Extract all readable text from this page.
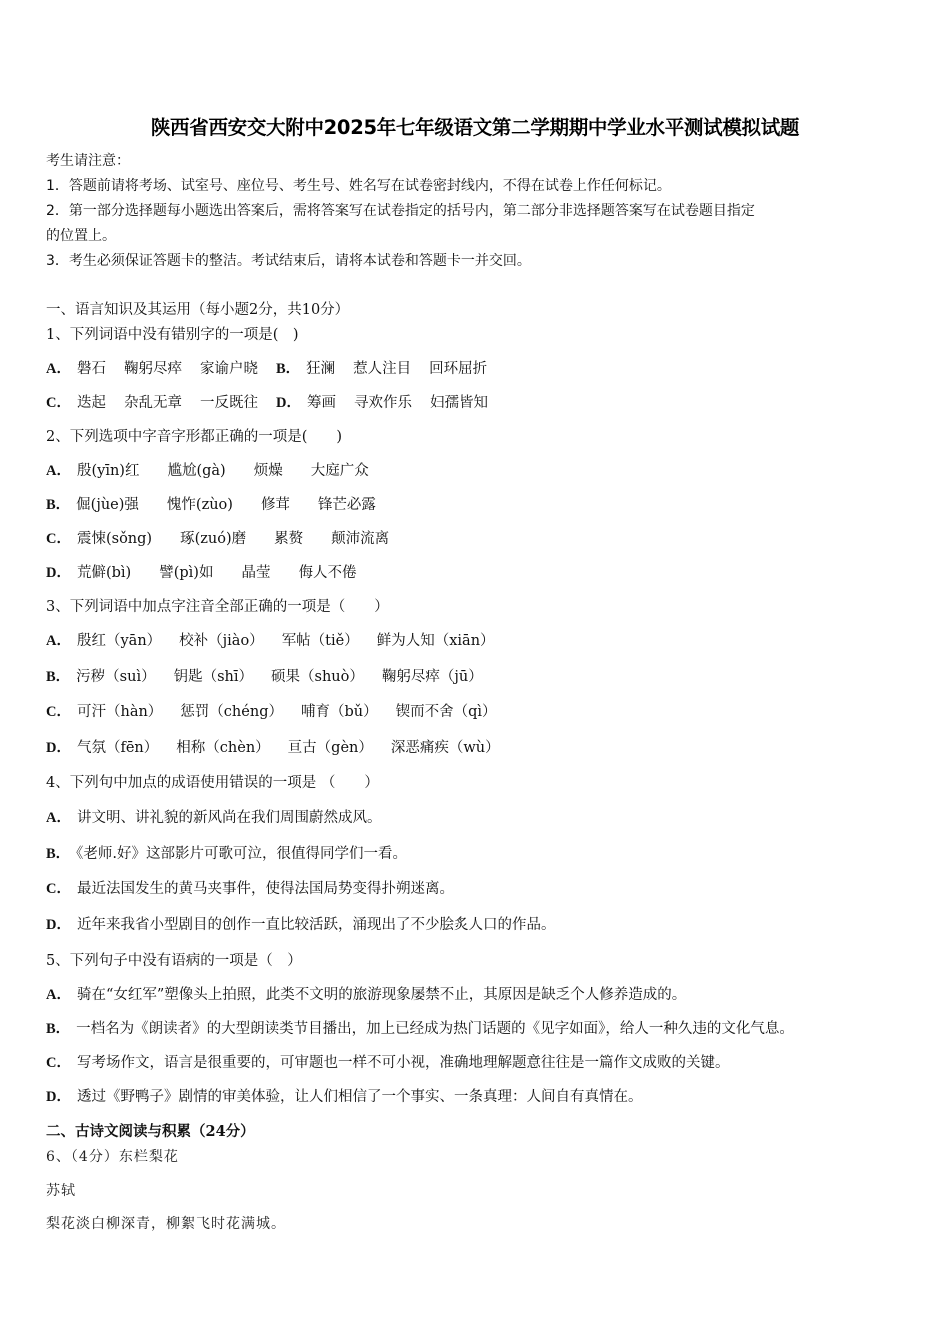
陕西省西安交大附中2025年七年级语文第二学期期中学业水平测试模拟试题
考生请注意：
1．答题前请将考场、试室号、座位号、考生号、姓名写在试卷密封线内，不得在试卷上作任何标记。
2．第一部分选择题每小题选出答案后，需将答案写在试卷指定的括号内，第二部分非选择题答案写在试卷题目指定
的位置上。
3．考生必须保证答题卡的整洁。考试结束后，请将本试卷和答题卡一并交回。
一、语言知识及其运用（每小题2分，共10分）
1、下列词语中没有错别字的一项是(　)
A． 磐石 鞠躬尽瘁 家谕户晓 B． 狂澜 惹人注目 回环屈折
C． 迭起 杂乱无章 一反既往 D． 筹画 寻欢作乐 妇孺皆知
2、下列选项中字音字形都正确的一项是(　　)
A． 殷(yīn)红 尴尬(gà) 烦燥 大庭广众
B． 倔(jùe)强 愧怍(zùo) 修茸 锋芒必露
C． 震悚(sǒng) 琢(zuó)磨 累赘 颠沛流离
D． 荒僻(bì) 譬(pì)如 晶莹 侮人不倦
3、下列词语中加点字注音全部正确的一项是（　　）
A． 殷红（yān） 校补（jiào） 军帖（tiě） 鲜为人知（xiān）
B． 污秽（suì） 钥匙（shī） 硕果（shuò） 鞠躬尽瘁（jū）
C． 可汗（hàn） 惩罚（chéng） 哺育（bǔ） 锲而不舍（qì）
D． 气氛（fēn） 相称（chèn） 亘古（gèn） 深恶痛疾（wù）
4、下列句中加点的成语使用错误的一项是 （　　）
A． 讲文明、讲礼貌的新风尚在我们周围蔚然成风。
B． 《老师.好》这部影片可歌可泣，很值得同学们一看。
C． 最近法国发生的黄马夹事件，使得法国局势变得扑朔迷离。
D． 近年来我省小型剧目的创作一直比较活跃，涌现出了不少脍炙人口的作品。
5、下列句子中没有语病的一项是（　）
A． 骑在“女红军”塑像头上拍照，此类不文明的旅游现象屡禁不止，其原因是缺乏个人修养造成的。
B． 一档名为《朗读者》的大型朗读类节目播出，加上已经成为热门话题的《见字如面》，给人一种久违的文化气息。
C． 写考场作文，语言是很重要的，可审题也一样不可小视，准确地理解题意往往是一篇作文成败的关键。
D． 透过《野鸭子》剧情的审美体验，让人们相信了一个事实、一条真理：人间自有真情在。
二、古诗文阅读与积累（24分）
6、（4分）东栏梨花
苏轼
梨花淡白柳深青，柳絮飞时花满城。
